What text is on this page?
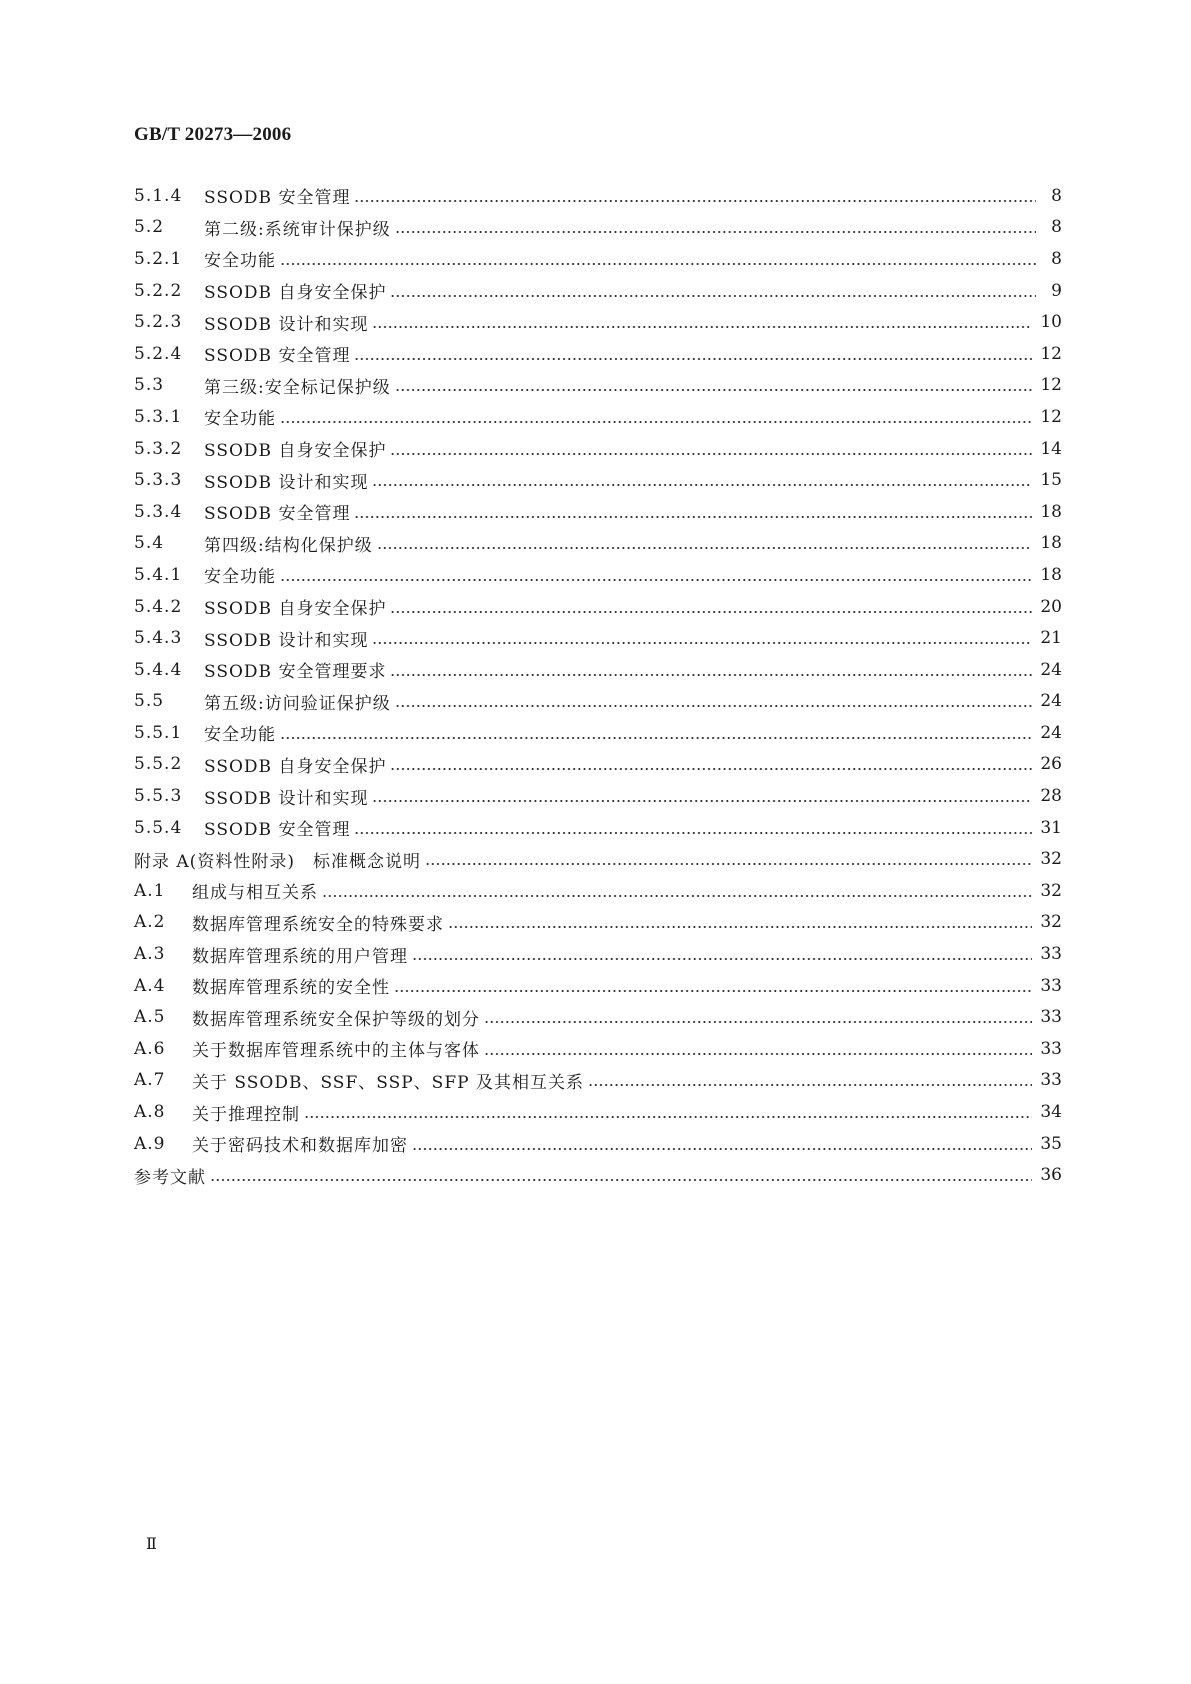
GB/T 20273—2006
5.1.4	SSODB 安全管理	8
5.2	第二级:系统审计保护级	8
5.2.1	安全功能	8
5.2.2	SSODB 自身安全保护	9
5.2.3	SSODB 设计和实现	10
5.2.4	SSODB 安全管理	12
5.3	第三级:安全标记保护级	12
5.3.1	安全功能	12
5.3.2	SSODB 自身安全保护	14
5.3.3	SSODB 设计和实现	15
5.3.4	SSODB 安全管理	18
5.4	第四级:结构化保护级	18
5.4.1	安全功能	18
5.4.2	SSODB 自身安全保护	20
5.4.3	SSODB 设计和实现	21
5.4.4	SSODB 安全管理要求	24
5.5	第五级:访问验证保护级	24
5.5.1	安全功能	24
5.5.2	SSODB 自身安全保护	26
5.5.3	SSODB 设计和实现	28
5.5.4	SSODB 安全管理	31
附录 A(资料性附录)　标准概念说明	32
A.1	组成与相互关系	32
A.2	数据库管理系统安全的特殊要求	32
A.3	数据库管理系统的用户管理	33
A.4	数据库管理系统的安全性	33
A.5	数据库管理系统安全保护等级的划分	33
A.6	关于数据库管理系统中的主体与客体	33
A.7	关于 SSODB、SSF、SSP、SFP 及其相互关系	33
A.8	关于推理控制	34
A.9	关于密码技术和数据库加密	35
参考文献	36
Ⅱ
